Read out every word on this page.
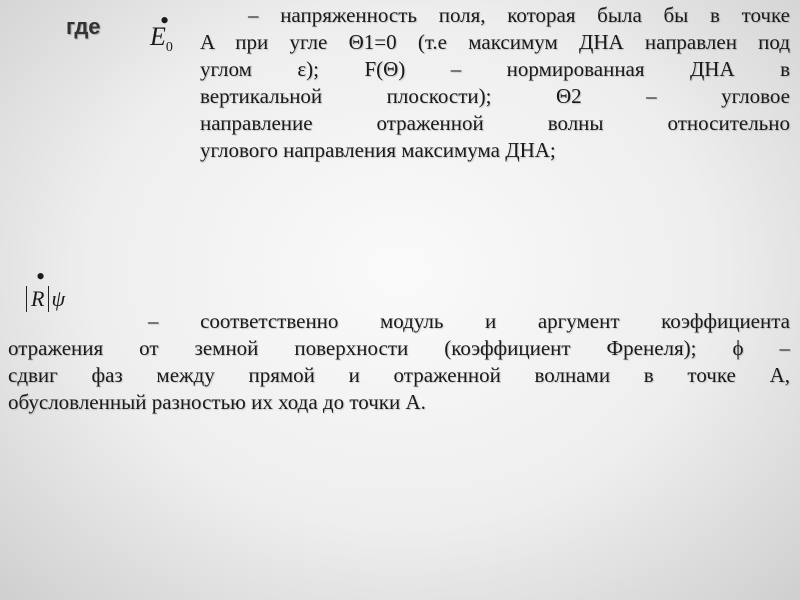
где •
$E_0$
– напряженность поля, которая была бы в точке
A при угле Θ1=0 (т.е максимум ДНА направлен под
углом ε); F(Θ) – нормированная ДНА в
вертикальной плоскости); Θ2 – угловое
направление отраженной волны относительно
углового направления максимума ДНА;
•
R ψ
– соответственно модуль и аргумент коэффициента
отражения от земной поверхности (коэффициент Френеля); ϕ –
сдвиг фаз между прямой и отраженной волнами в точке A,
обусловленный разностью их хода до точки A.
